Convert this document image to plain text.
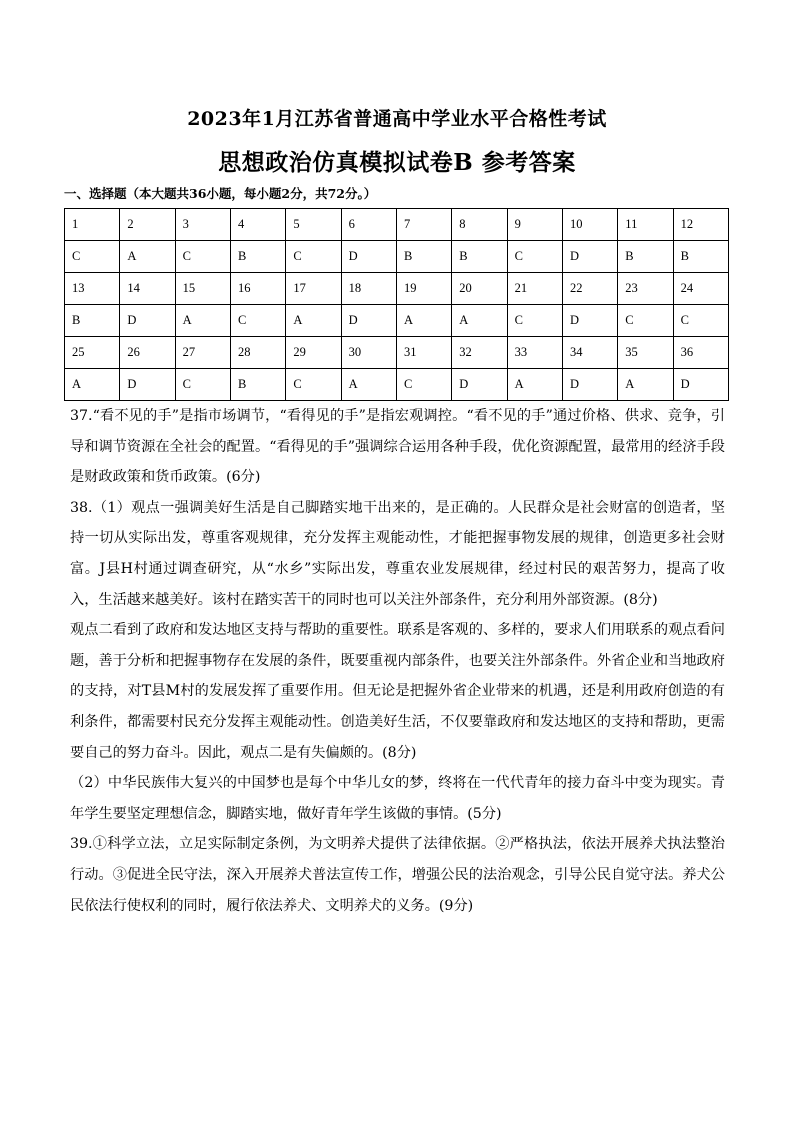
2023年1月江苏省普通高中学业水平合格性考试
思想政治仿真模拟试卷B 参考答案
一、选择题（本大题共36小题，每小题2分，共72分。）
1	2	3	4	5	6	7	8	9	10	11	12
C	A	C	B	C	D	B	B	C	D	B	B
13	14	15	16	17	18	19	20	21	22	23	24
B	D	A	C	A	D	A	A	C	D	C	C
25	26	27	28	29	30	31	32	33	34	35	36
A	D	C	B	C	A	C	D	A	D	A	D

37.“看不见的手”是指市场调节，“看得见的手”是指宏观调控。“看不见的手”通过价格、供求、竞争，引导和调节资源在全社会的配置。“看得见的手”强调综合运用各种手段，优化资源配置，最常用的经济手段是财政政策和货币政策。(6分)

38.（1）观点一强调美好生活是自己脚踏实地干出来的，是正确的。人民群众是社会财富的创造者，坚持一切从实际出发，尊重客观规律，充分发挥主观能动性，才能把握事物发展的规律，创造更多社会财富。J县H村通过调查研究，从“水乡”实际出发，尊重农业发展规律，经过村民的艰苦努力，提高了收入，生活越来越美好。该村在踏实苦干的同时也可以关注外部条件，充分利用外部资源。(8分)

观点二看到了政府和发达地区支持与帮助的重要性。联系是客观的、多样的，要求人们用联系的观点看问题，善于分析和把握事物存在发展的条件，既要重视内部条件，也要关注外部条件。外省企业和当地政府的支持，对T县M村的发展发挥了重要作用。但无论是把握外省企业带来的机遇，还是利用政府创造的有利条件，都需要村民充分发挥主观能动性。创造美好生活，不仅要靠政府和发达地区的支持和帮助，更需要自己的努力奋斗。因此，观点二是有失偏颇的。(8分)

（2）中华民族伟大复兴的中国梦也是每个中华儿女的梦，终将在一代代青年的接力奋斗中变为现实。青年学生要坚定理想信念，脚踏实地，做好青年学生该做的事情。(5分)

39.①科学立法，立足实际制定条例，为文明养犬提供了法律依据。②严格执法，依法开展养犬执法整治行动。③促进全民守法，深入开展养犬普法宣传工作，增强公民的法治观念，引导公民自觉守法。养犬公民依法行使权利的同时，履行依法养犬、文明养犬的义务。(9分)
